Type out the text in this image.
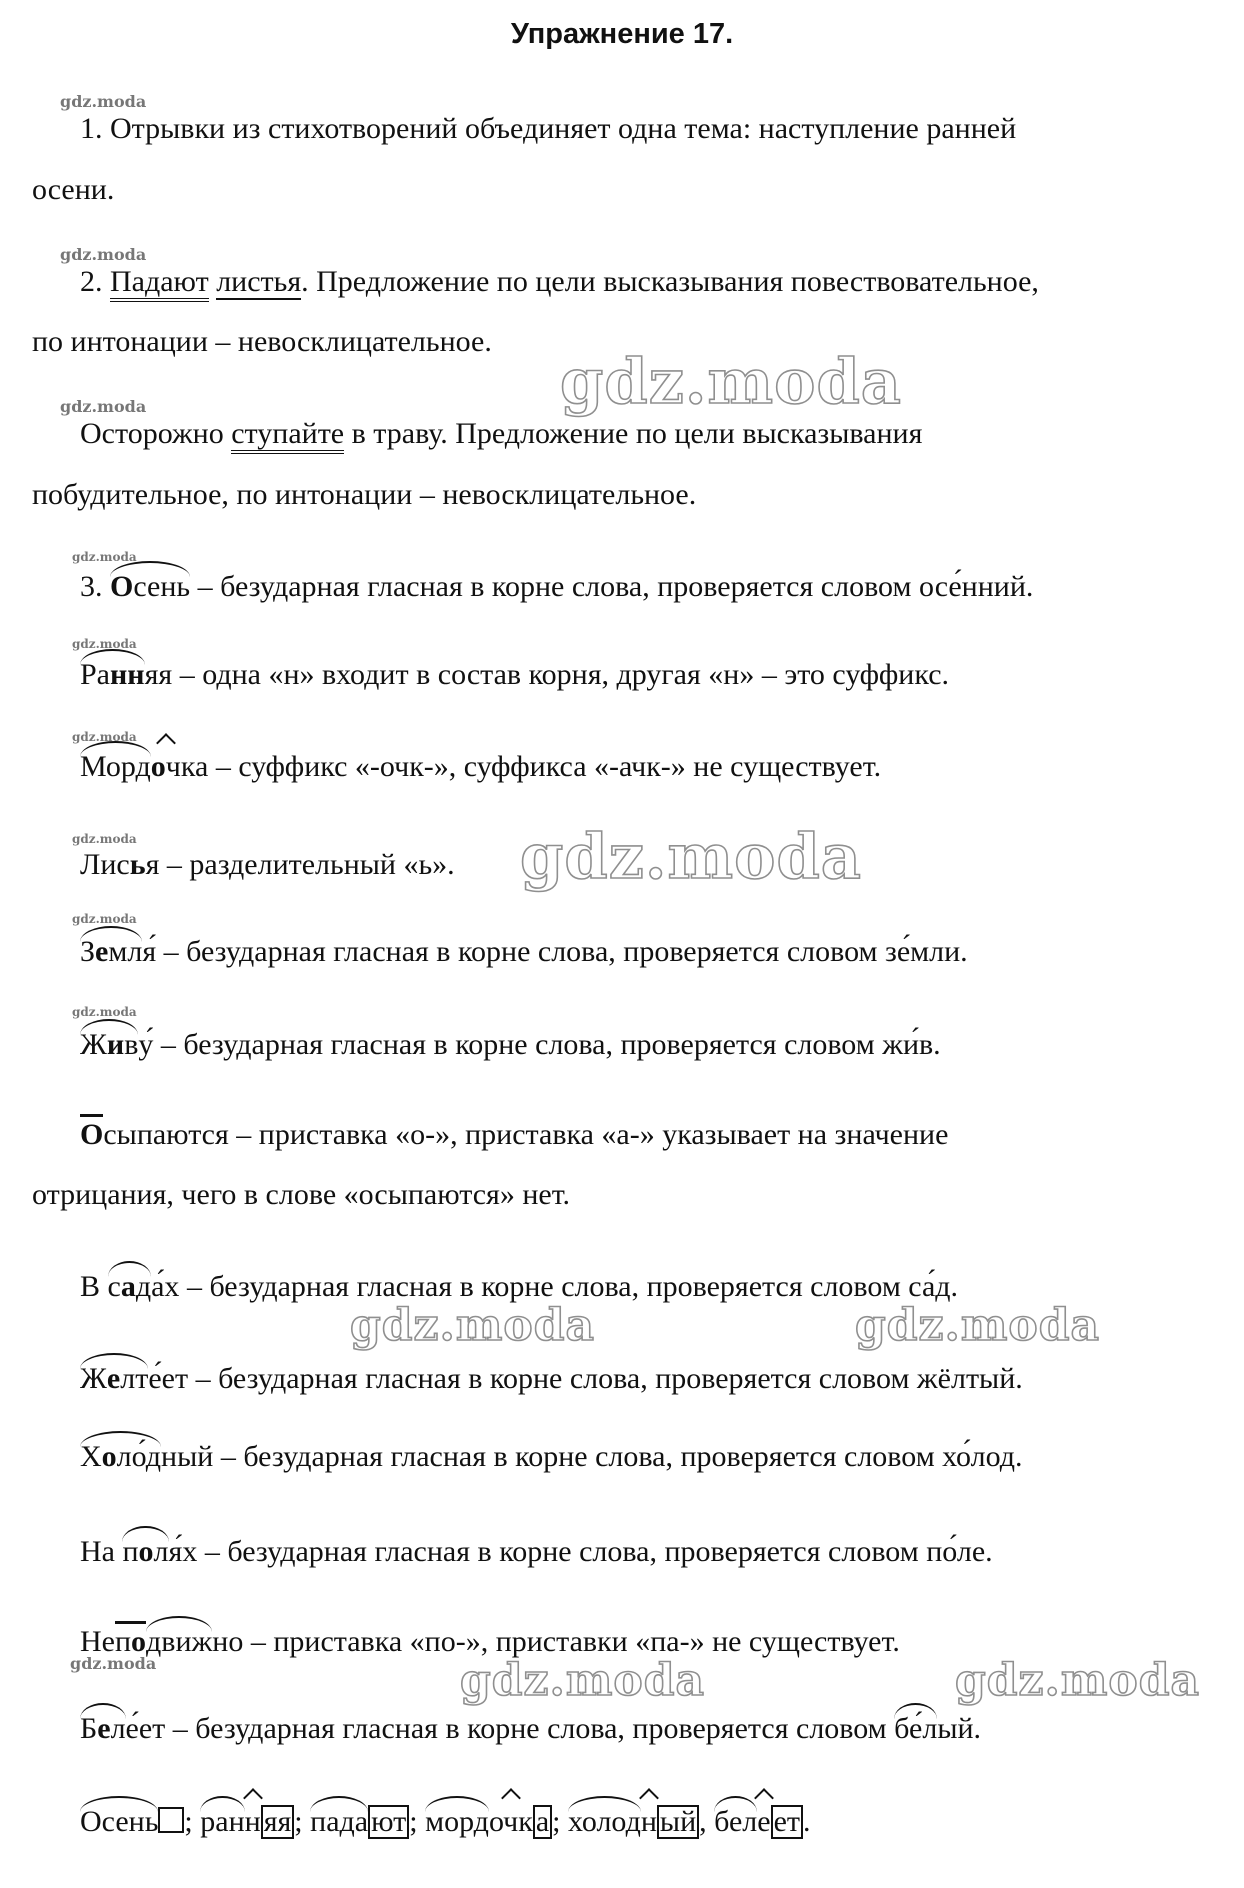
Упражнение 17.
gdz.moda
gdz.moda
gdz.moda
gdz.moda
gdz.moda
gdz.moda
gdz.moda
gdz.moda
gdz.moda
gdz.moda
gdz.moda
gdz.moda
gdz.moda	gdz.moda
gdz.moda	gdz.moda
1. Отрывки из стихотворений объединяет одна тема: наступление ранней
осени.
2. Падают листья. Предложение по цели высказывания повествовательное,
по интонации – невосклицательное.
Осторожно ступайте в траву. Предложение по цели высказывания
побудительное, по интонации – невосклицательное.
3. Осень – безударная гласная в корне слова, проверяется словом осе́нний.
Ранняя – одна «н» входит в состав корня, другая «н» – это суффикс.
Мордочка – суффикс «-очк-», суффикса «-ачк-» не существует.
Лисья – разделительный «ь».
Земля́ – безударная гласная в корне слова, проверяется словом зе́мли.
Живу́ – безударная гласная в корне слова, проверяется словом жи́в.
Осыпаются – приставка «о-», приставка «а-» указывает на значение
отрицания, чего в слове «осыпаются» нет.
В сада́х – безударная гласная в корне слова, проверяется словом са́д.
Желте́ет – безударная гласная в корне слова, проверяется словом жёлтый.
Холо́дный – безударная гласная в корне слова, проверяется словом хо́лод.
На поля́х – безударная гласная в корне слова, проверяется словом по́ле.
Неподвижно – приставка «по-», приставки «па-» не существует.
Беле́ет – безударная гласная в корне слова, проверяется словом бе́лый.
Осень ; ранн яя ; пада ют ; мордочк а ; холодн ый , беле ет .
